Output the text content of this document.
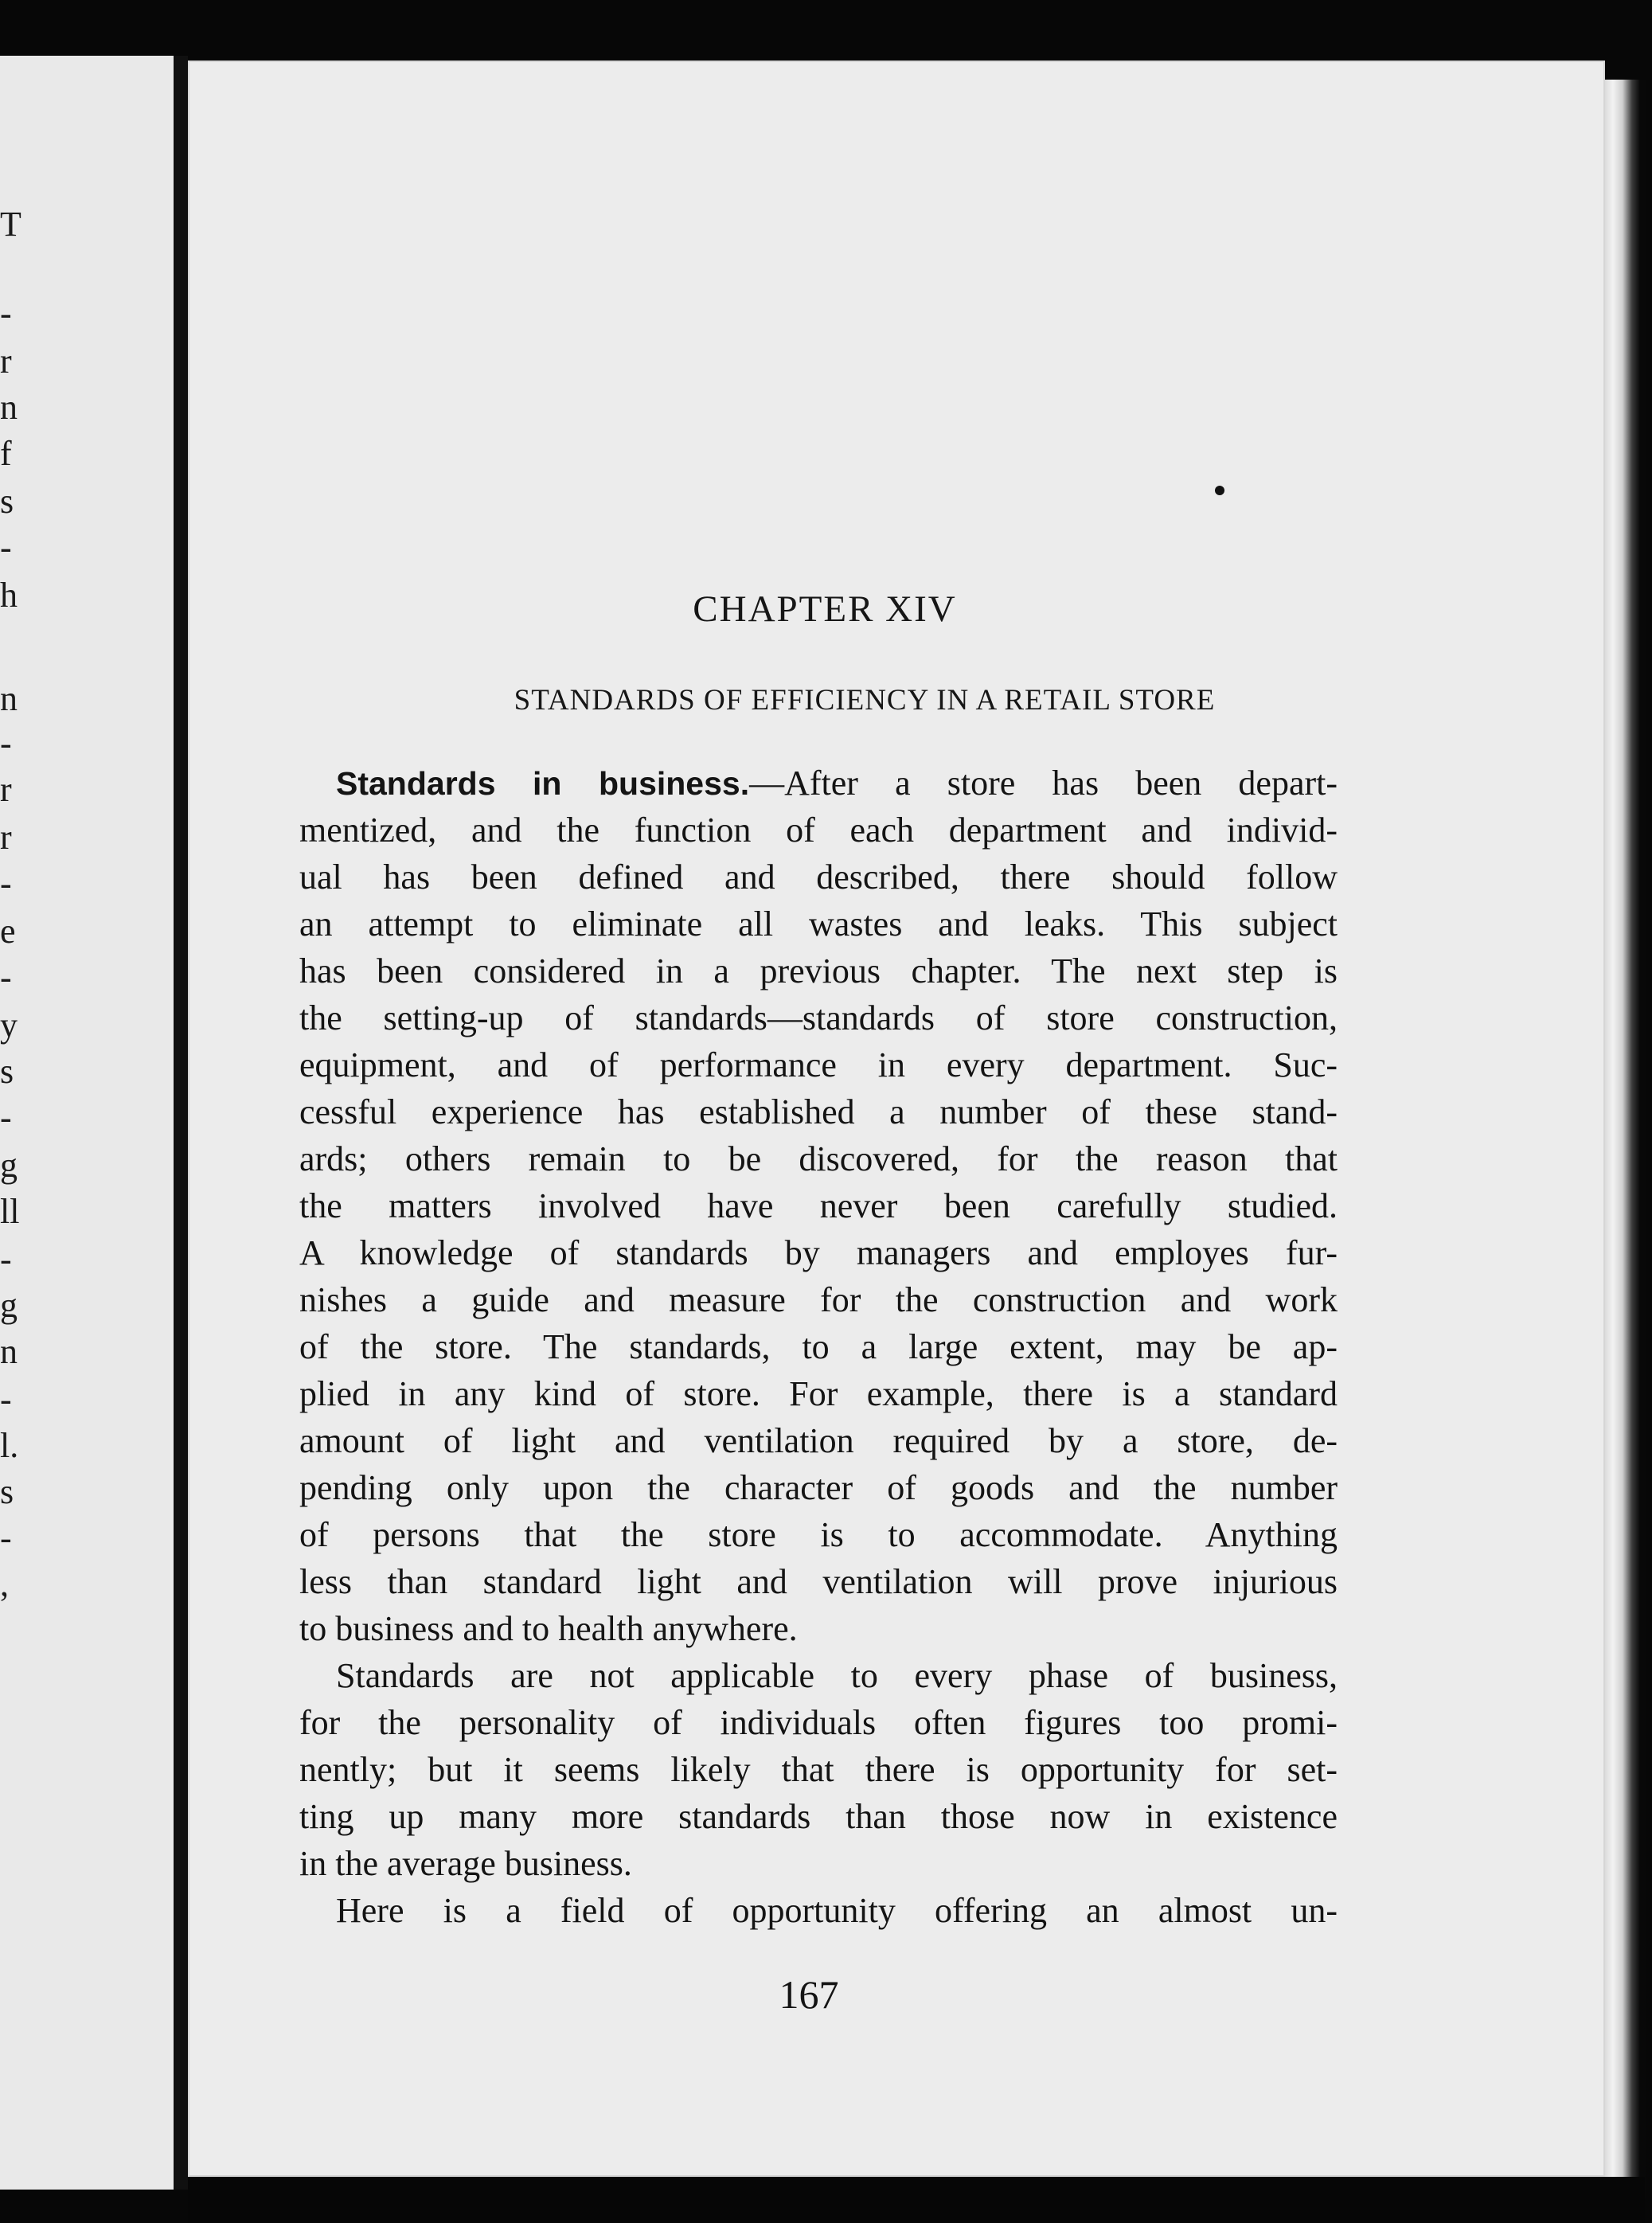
T
-
r
n
f
s
-
h
n
-
r
r
-
e
-
y
s
-
g
ll
-
g
n
-
l.
s
-
,
CHAPTER XIV
STANDARDS OF EFFICIENCY IN A RETAIL STORE
Standards in business.—After a store has been depart-
mentized, and the function of each department and individ-
ual has been defined and described, there should follow
an attempt to eliminate all wastes and leaks. This subject
has been considered in a previous chapter. The next step is
the setting-up of standards—standards of store construction,
equipment, and of performance in every department. Suc-
cessful experience has established a number of these stand-
ards; others remain to be discovered, for the reason that
the matters involved have never been carefully studied.
A knowledge of standards by managers and employes fur-
nishes a guide and measure for the construction and work
of the store. The standards, to a large extent, may be ap-
plied in any kind of store. For example, there is a standard
amount of light and ventilation required by a store, de-
pending only upon the character of goods and the number
of persons that the store is to accommodate. Anything
less than standard light and ventilation will prove injurious
to business and to health anywhere.
Standards are not applicable to every phase of business,
for the personality of individuals often figures too promi-
nently; but it seems likely that there is opportunity for set-
ting up many more standards than those now in existence
in the average business.
Here is a field of opportunity offering an almost un-
167
